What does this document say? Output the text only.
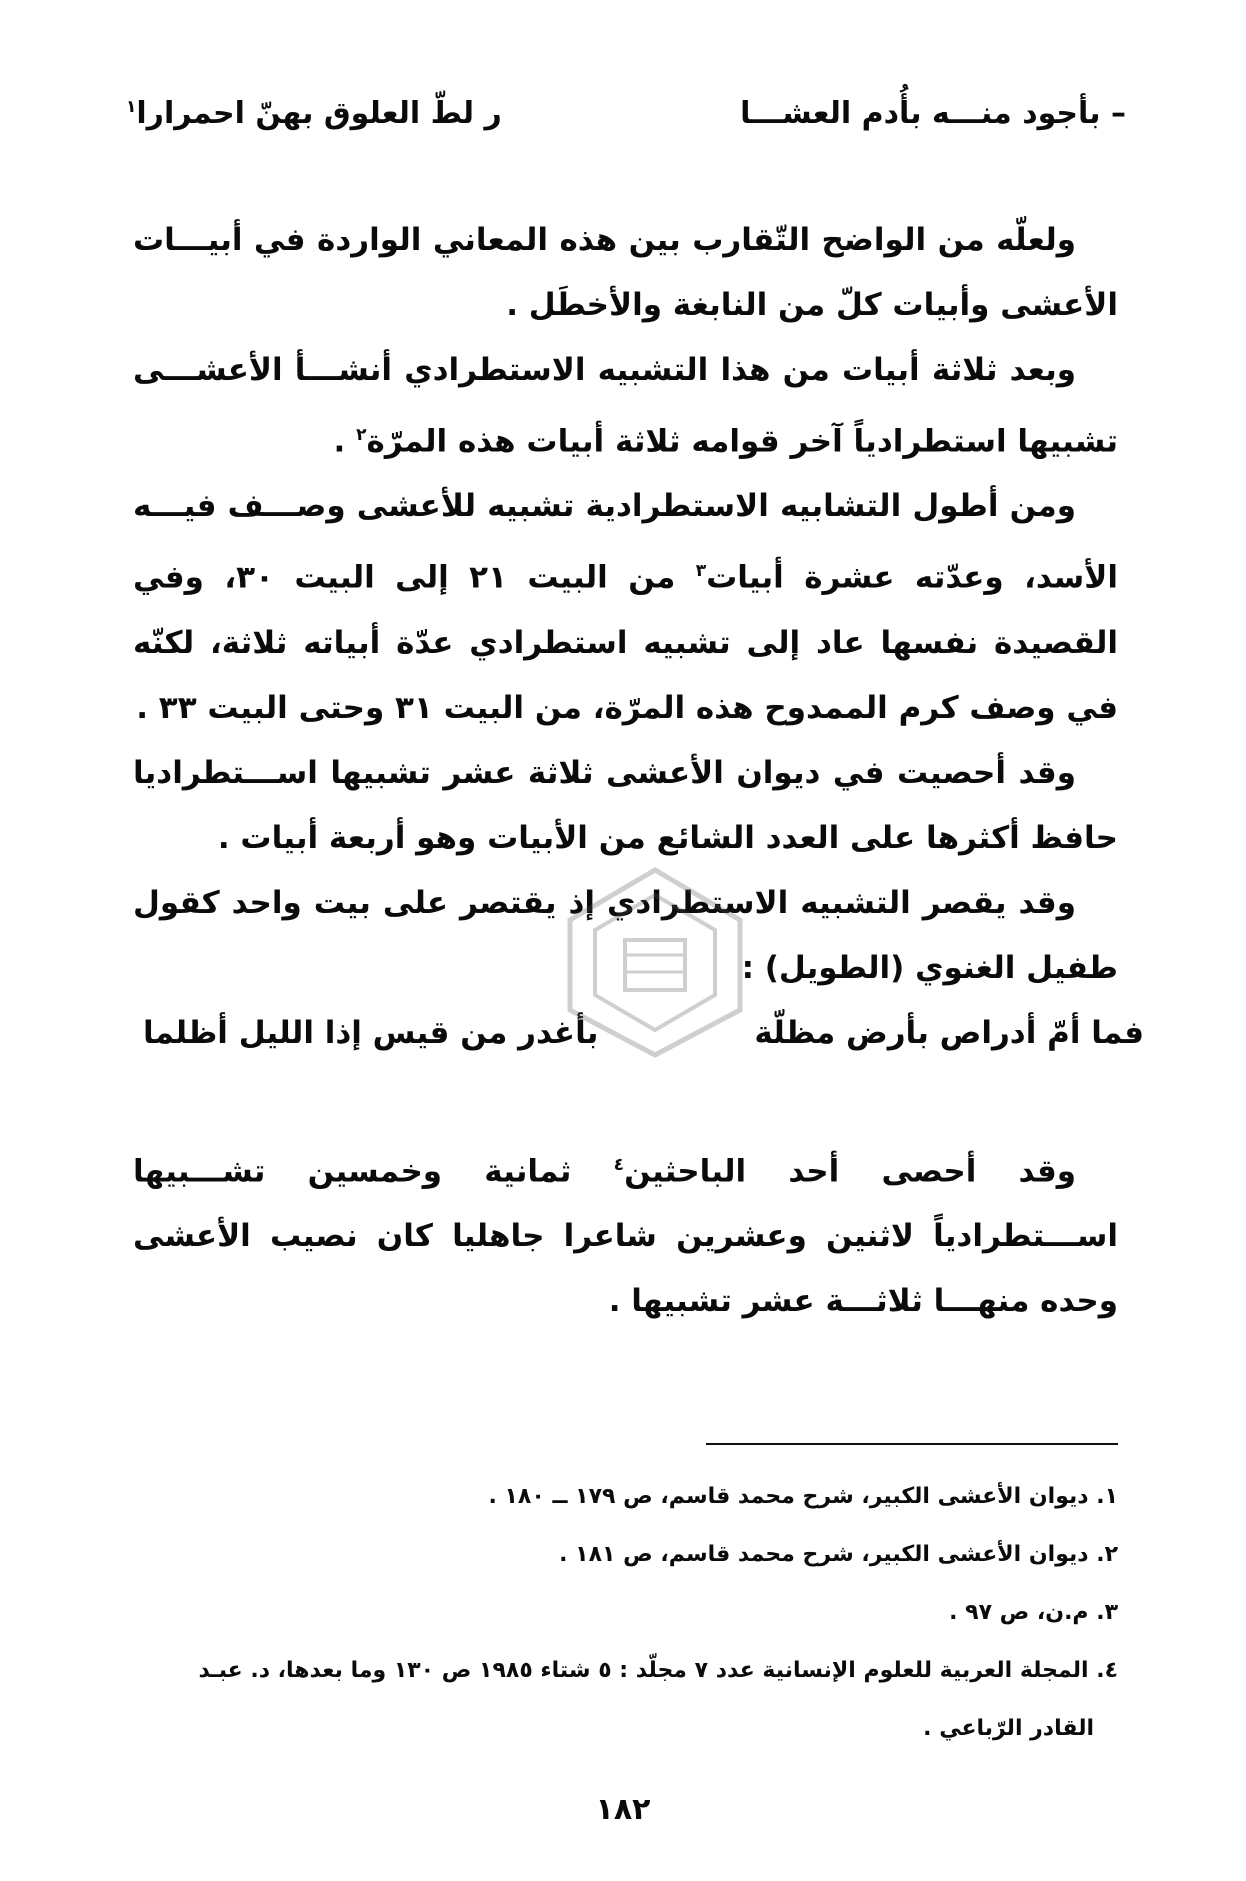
– بأجود منـــه بأُدم العشـــا
ر لطّ العلوق بهنّ احمرارا$^١$

ولعلّه من الواضح التّقارب بين هذه المعاني الواردة في أبيـــات الأعشى وأبيات كلّ من النابغة والأخطَل .

وبعد ثلاثة أبيات من هذا التشبيه الاستطرادي أنشـــأ الأعشـــى تشبيها استطرادياً آخر قوامه ثلاثة أبيات هذه المرّة$^٢$ .

ومن أطول التشابيه الاستطرادية تشبيه للأعشى وصـــف فيـــه الأسد، وعدّته عشرة أبيات$^٣$ من البيت ٢١ إلى البيت ٣٠، وفي القصيدة نفسها عاد إلى تشبيه استطرادي عدّة أبياته ثلاثة، لكنّه في وصف كرم الممدوح هذه المرّة، من البيت ٣١ وحتى البيت ٣٣ .

وقد أحصيت في ديوان الأعشى ثلاثة عشر تشبيها اســـتطراديا حافظ أكثرها على العدد الشائع من الأبيات وهو أربعة أبيات .

وقد يقصر التشبيه الاستطرادي إذ يقتصر على بيت واحد كقول طفيل الغنوي (الطويل) :

فما أمّ أدراص بأرض مظلّة
بأغدر من قيس إذا الليل أظلما

وقد أحصى أحد الباحثين$^٤$ ثمانية وخمسين تشـــبيها اســـتطرادياً لاثنين وعشرين شاعرا جاهليا كان نصيب الأعشى وحده منهـــا ثلاثـــة عشر تشبيها .

١. ديوان الأعشى الكبير، شرح محمد قاسم، ص ١٧٩ ــ ١٨٠ .

٢. ديوان الأعشى الكبير، شرح محمد قاسم، ص ١٨١ .

٣. م.ن، ص ٩٧ .

٤. المجلة العربية للعلوم الإنسانية عدد ٧ مجلّد : ٥ شتاء ١٩٨٥ ص ١٣٠ وما بعدها، د. عبـد
القادر الرّباعي .

١٨٢
